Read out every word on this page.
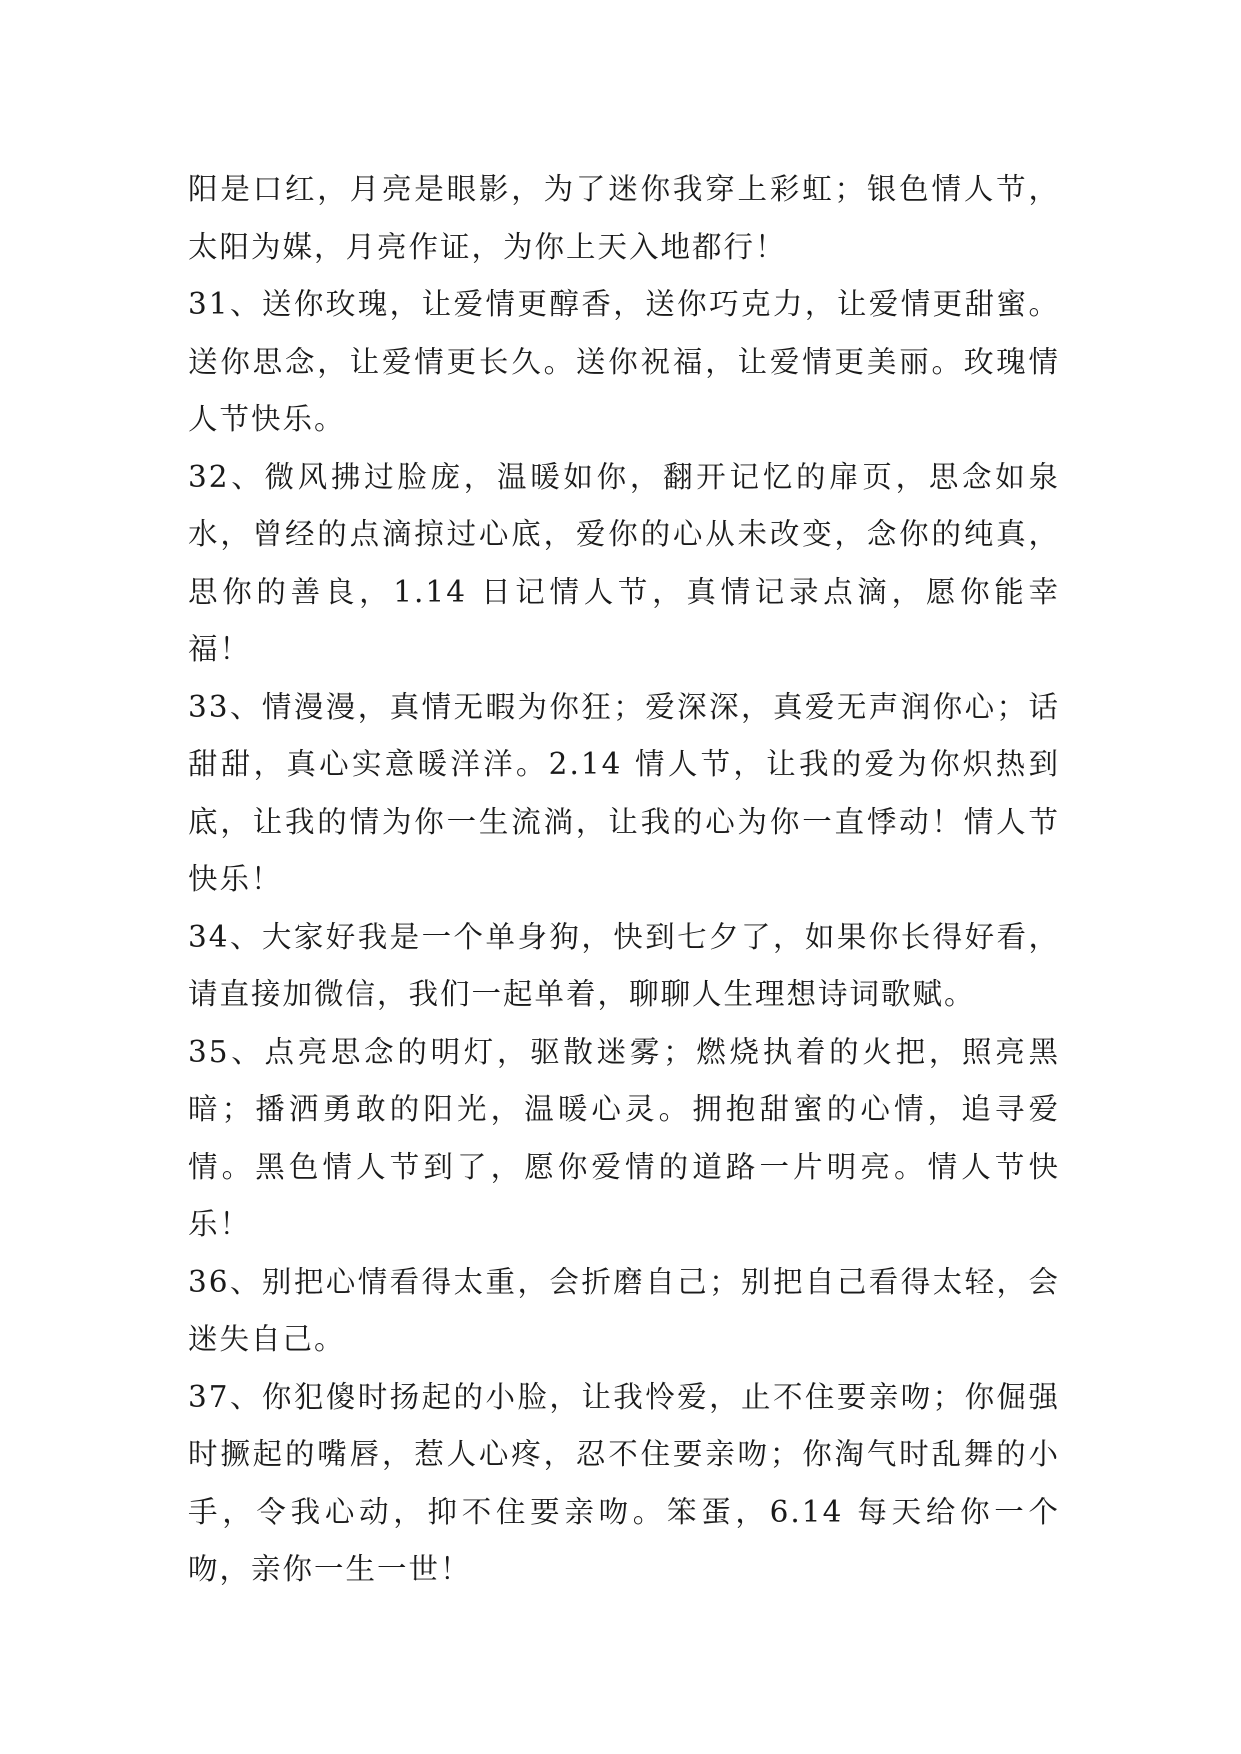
阳是口红，月亮是眼影，为了迷你我穿上彩虹；银色情人节，太阳为媒，月亮作证，为你上天入地都行！

31、送你玫瑰，让爱情更醇香，送你巧克力，让爱情更甜蜜。送你思念，让爱情更长久。送你祝福，让爱情更美丽。玫瑰情人节快乐。

32、微风拂过脸庞，温暖如你，翻开记忆的扉页，思念如泉水，曾经的点滴掠过心底，爱你的心从未改变，念你的纯真，思你的善良，1.14 日记情人节，真情记录点滴，愿你能幸福！

33、情漫漫，真情无暇为你狂；爱深深，真爱无声润你心；话甜甜，真心实意暖洋洋。2.14 情人节，让我的爱为你炽热到底，让我的情为你一生流淌，让我的心为你一直悸动！情人节快乐！

34、大家好我是一个单身狗，快到七夕了，如果你长得好看，请直接加微信，我们一起单着，聊聊人生理想诗词歌赋。

35、点亮思念的明灯，驱散迷雾；燃烧执着的火把，照亮黑暗；播洒勇敢的阳光，温暖心灵。拥抱甜蜜的心情，追寻爱情。黑色情人节到了，愿你爱情的道路一片明亮。情人节快乐！

36、别把心情看得太重，会折磨自己；别把自己看得太轻，会迷失自己。

37、你犯傻时扬起的小脸，让我怜爱，止不住要亲吻；你倔强时撅起的嘴唇，惹人心疼，忍不住要亲吻；你淘气时乱舞的小手，令我心动，抑不住要亲吻。笨蛋，6.14 每天给你一个吻，亲你一生一世！
